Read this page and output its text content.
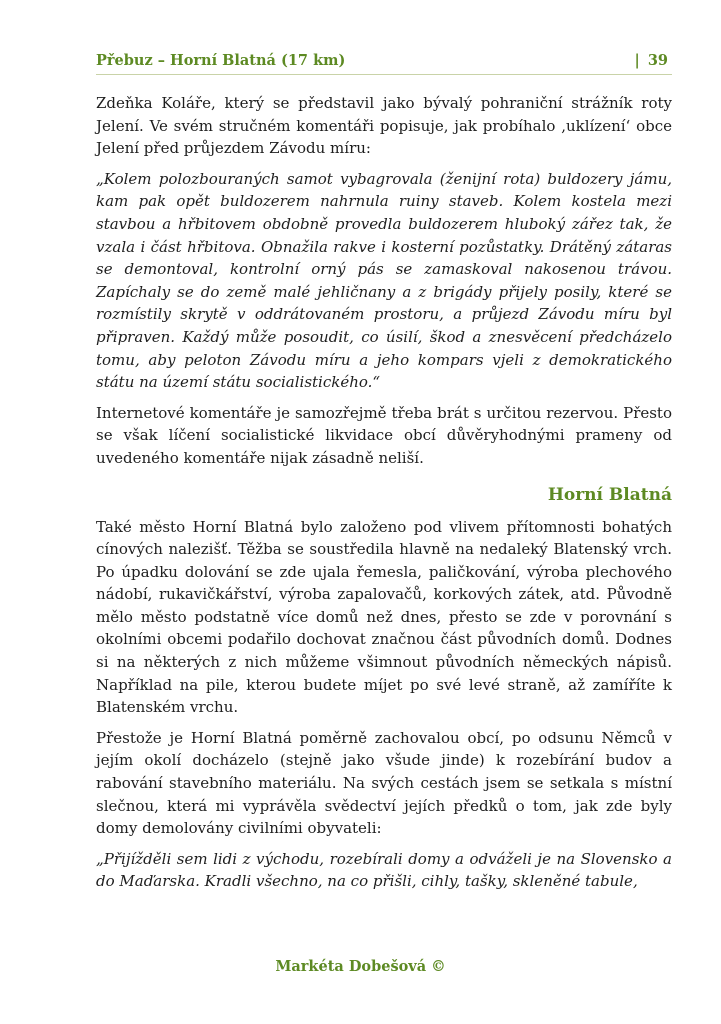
Přebuz – Horní Blatná (17 km)	| 39

Zdeňka Koláře, který se představil jako bývalý pohraniční strážník roty Jelení. Ve svém stručném komentáři popisuje, jak probíhalo ‚uklízení‘ obce Jelení před průjezdem Závodu míru:

„Kolem polozbouraných samot vybagrovala (ženijní rota) buldozery jámu, kam pak opět buldozerem nahrnula ruiny staveb. Kolem kostela mezi stavbou a hřbitovem obdobně provedla buldozerem hluboký zářez tak, že vzala i část hřbitova. Obnažila rakve i kosterní pozůstatky. Drátěný zátaras se demontoval, kontrolní orný pás se zamaskoval nakosenou trávou. Zapíchaly se do země malé jehličnany a z brigády přijely posily, které se rozmístily skrytě v oddrátovaném prostoru, a průjezd Závodu míru byl připraven. Každý může posoudit, co úsilí, škod a znesvěcení předcházelo tomu, aby peloton Závodu míru a jeho kompars vjeli z demokratického státu na území státu socialistického.“

Internetové komentáře je samozřejmě třeba brát s určitou rezervou. Přesto se však líčení socialistické likvidace obcí důvěryhodnými prameny od uvedeného komentáře nijak zásadně neliší.

Horní Blatná

Také město Horní Blatná bylo založeno pod vlivem přítomnosti bohatých cínových nalezišť. Těžba se soustředila hlavně na nedaleký Blatenský vrch. Po úpadku dolování se zde ujala řemesla, paličkování, výroba plechového nádobí, rukavičkářství, výroba zapalovačů, korkových zátek, atd. Původně mělo město podstatně více domů než dnes, přesto se zde v porovnání s okolními obcemi podařilo dochovat značnou část původních domů. Dodnes si na některých z nich můžeme všimnout původních německých nápisů. Například na pile, kterou budete míjet po své levé straně, až zamíříte k Blatenském vrchu.

Přestože je Horní Blatná poměrně zachovalou obcí, po odsunu Němců v jejím okolí docházelo (stejně jako všude jinde) k rozebírání budov a rabování stavebního materiálu. Na svých cestách jsem se setkala s místní slečnou, která mi vyprávěla svědectví jejích předků o tom, jak zde byly domy demolovány civilními obyvateli:

„Přijížděli sem lidi z východu, rozebírali domy a odváželi je na Slovensko a do Maďarska. Kradli všechno, na co přišli, cihly, tašky, skleněné tabule,

Markéta Dobešová ©
